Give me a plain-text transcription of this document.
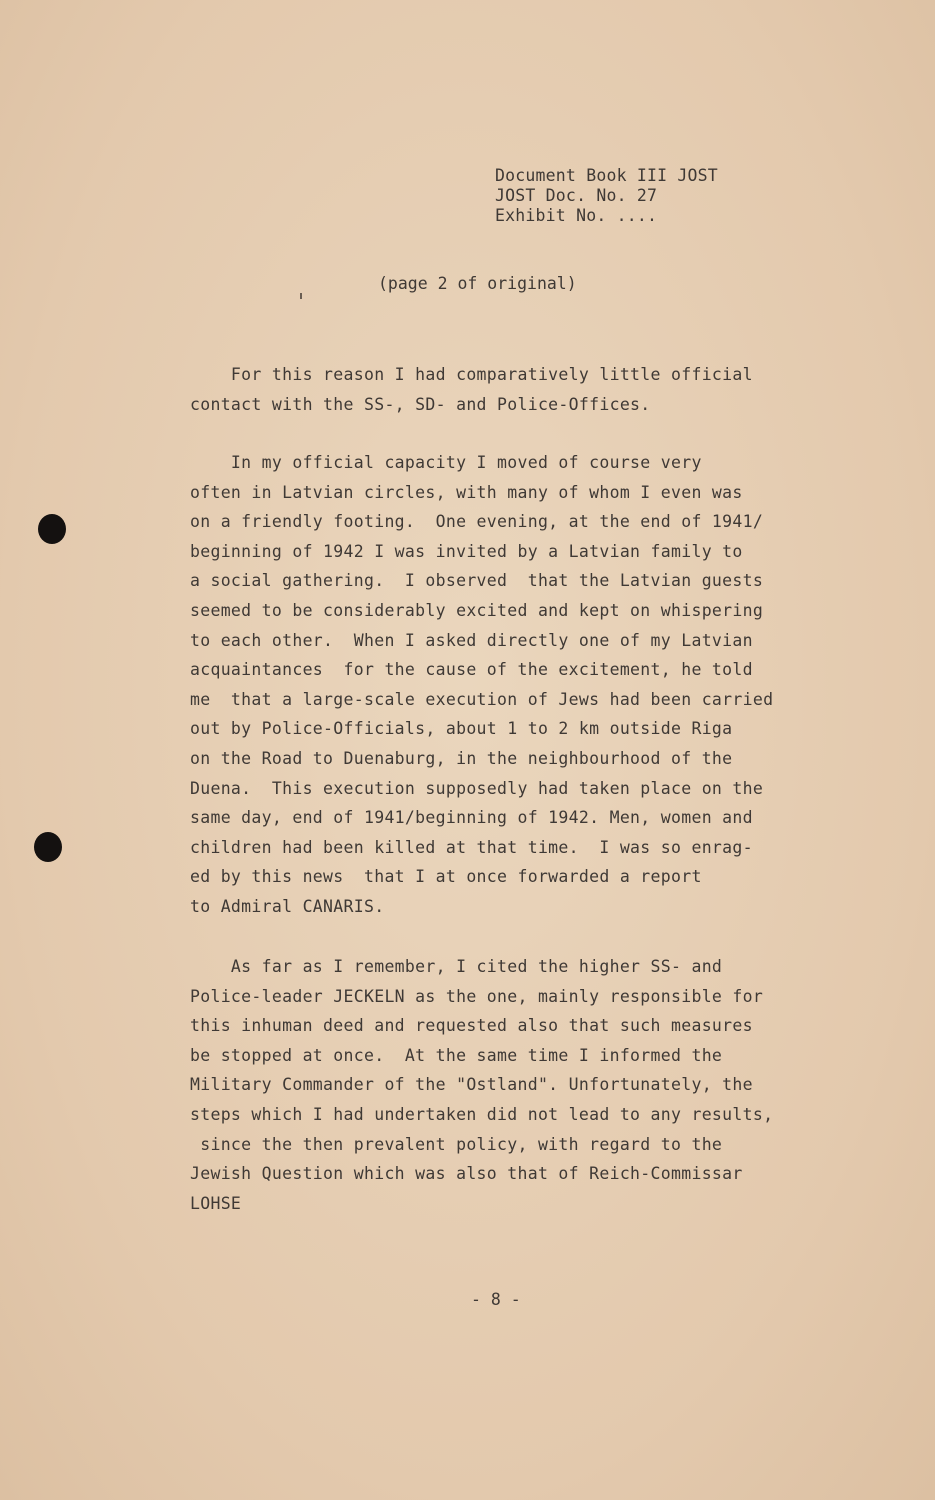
Document Book III JOST
JOST Doc. No. 27
Exhibit No. ....
(page 2 of original)
For this reason I had comparatively little official
contact with the SS-, SD- and Police-Offices.
In my official capacity I moved of course very
often in Latvian circles, with many of whom I even was
on a friendly footing.  One evening, at the end of 1941/
beginning of 1942 I was invited by a Latvian family to
a social gathering.  I observed  that the Latvian guests
seemed to be considerably excited and kept on whispering
to each other.  When I asked directly one of my Latvian
acquaintances  for the cause of the excitement, he told
me  that a large-scale execution of Jews had been carried
out by Police-Officials, about 1 to 2 km outside Riga
on the Road to Duenaburg, in the neighbourhood of the
Duena.  This execution supposedly had taken place on the
same day, end of 1941/beginning of 1942. Men, women and
children had been killed at that time.  I was so enrag-
ed by this news  that I at once forwarded a report
to Admiral CANARIS.
As far as I remember, I cited the higher SS- and
Police-leader JECKELN as the one, mainly responsible for
this inhuman deed and requested also that such measures
be stopped at once.  At the same time I informed the
Military Commander of the "Ostland". Unfortunately, the
steps which I had undertaken did not lead to any results,
since the then prevalent policy, with regard to the
Jewish Question which was also that of Reich-Commissar
LOHSE
- 8 -
